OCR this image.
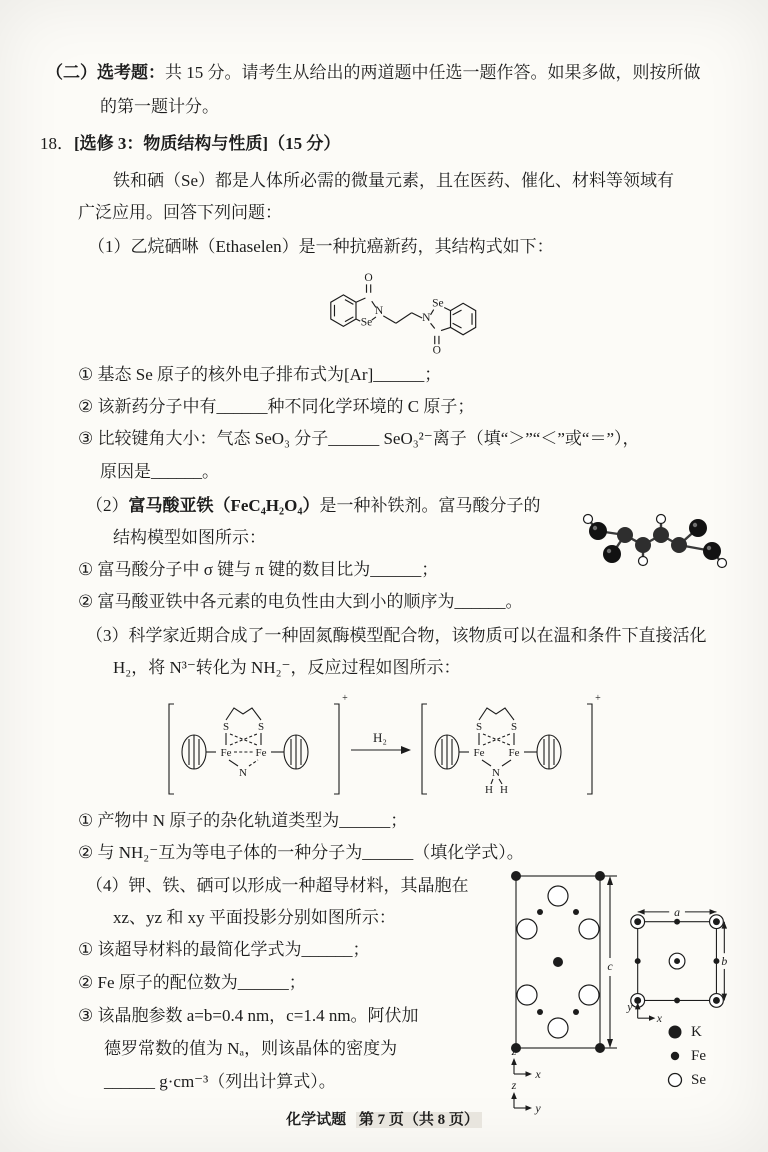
（二）选考题：共 15 分。请考生从给出的两道题中任选一题作答。如果多做，则按所做
的第一题计分。
18．[选修 3：物质结构与性质]（15 分）
铁和硒（Se）都是人体所必需的微量元素，且在医药、催化、材料等领域有
广泛应用。回答下列问题：
（1）乙烷硒啉（Ethaselen）是一种抗癌新药，其结构式如下：
O
N
Se	N
Se
O
① 基态 Se 原子的核外电子排布式为[Ar]______；
② 该新药分子中有______种不同化学环境的 C 原子；
③ 比较键角大小：气态 SeO₃ 分子______ SeO₃²⁻离子（填“＞”“＜”或“＝”），
原因是______。
（2）富马酸亚铁（FeC₄H₂O₄）是一种补铁剂。富马酸分子的
结构模型如图所示：
① 富马酸分子中 σ 键与 π 键的数目比为______；
② 富马酸亚铁中各元素的电负性由大到小的顺序为______。
（3）科学家近期合成了一种固氮酶模型配合物，该物质可以在温和条件下直接活化
H₂，将 N³⁻转化为 NH₂⁻，反应过程如图所示：
+
Fe Fe
S	S
N
H₂
+
Fe Fe
S	S
N
H H
① 产物中 N 原子的杂化轨道类型为______；
② 与 NH₂⁻互为等电子体的一种分子为______（填化学式）。
（4）钾、铁、硒可以形成一种超导材料，其晶胞在
xz、yz 和 xy 平面投影分别如图所示：
① 该超导材料的最简化学式为______；
② Fe 原子的配位数为______；
③ 该晶胞参数 a=b=0.4 nm，c=1.4 nm。阿伏加
德罗常数的值为 Nₐ，则该晶体的密度为
______ g·cm⁻³（列出计算式）。
c
z
x
z
y
a
b
y
x
K
Fe
Se
化学试题 第 7 页（共 8 页）
